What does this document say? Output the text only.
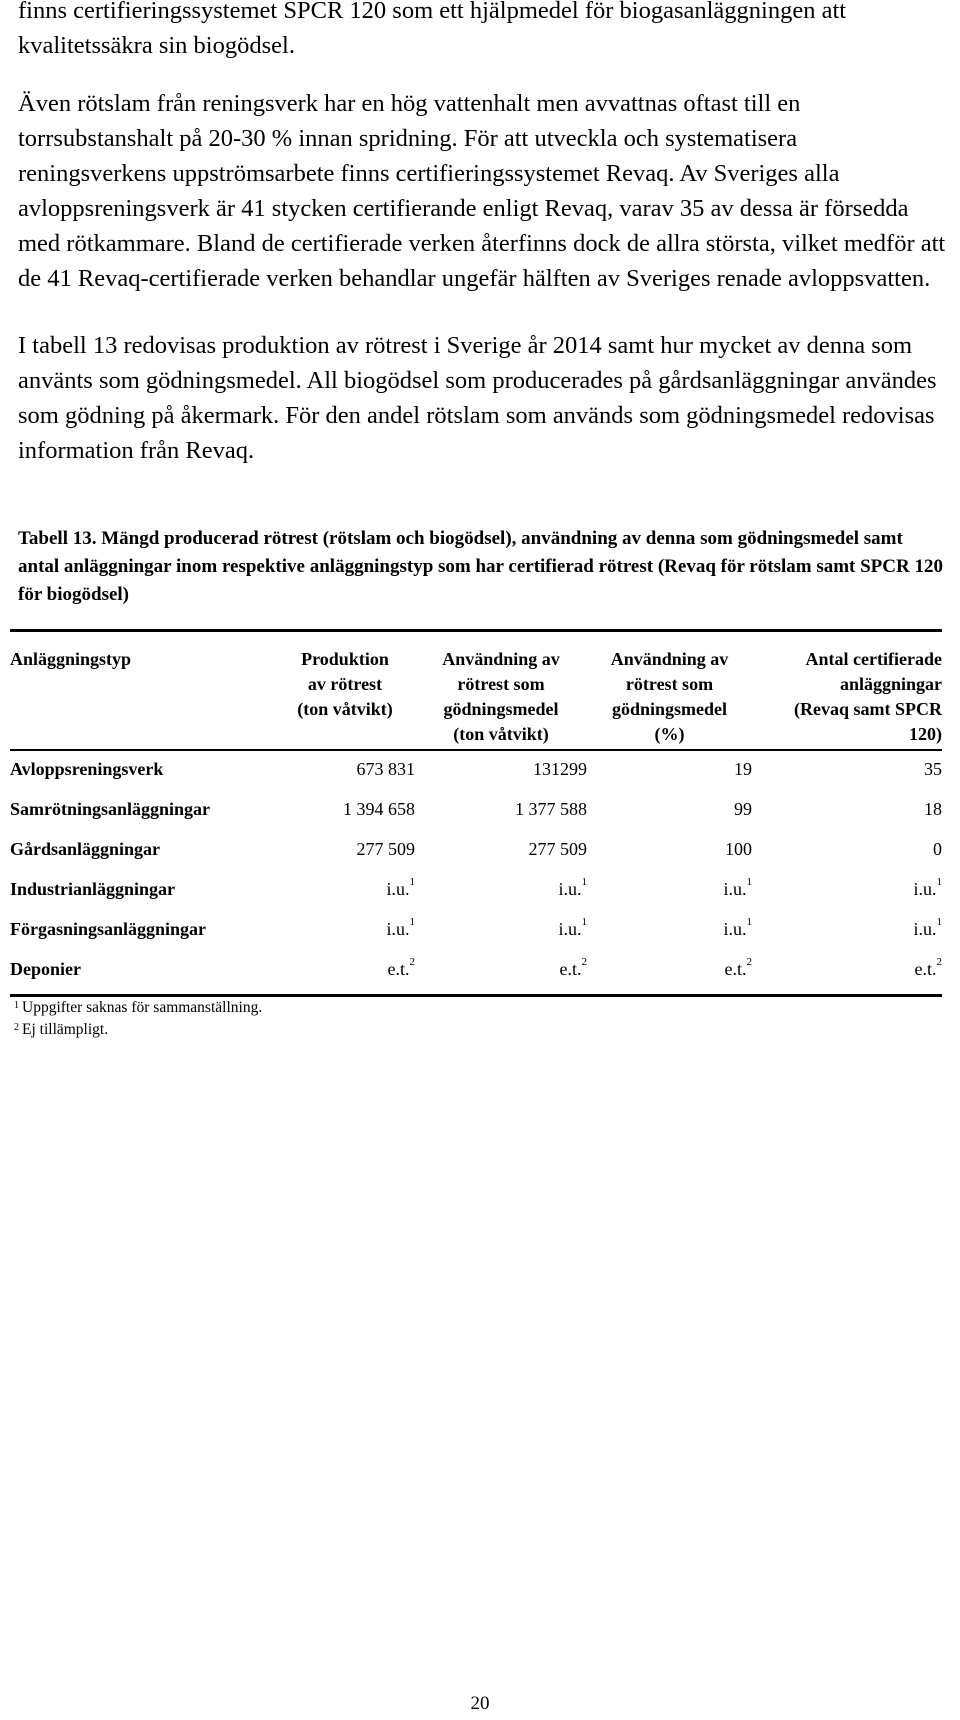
finns certifieringssystemet SPCR 120 som ett hjälpmedel för biogasanläggningen att kvalitetssäkra sin biogödsel.

Även rötslam från reningsverk har en hög vattenhalt men avvattnas oftast till en torrsubstanshalt på 20-30 % innan spridning. För att utveckla och systematisera reningsverkens uppströmsarbete finns certifieringssystemet Revaq. Av Sveriges alla avloppsreningsverk är 41 stycken certifierande enligt Revaq, varav 35 av dessa är försedda med rötkammare. Bland de certifierade verken återfinns dock de allra största, vilket medför att de 41 Revaq-certifierade verken behandlar ungefär hälften av Sveriges renade avloppsvatten.

I tabell 13 redovisas produktion av rötrest i Sverige år 2014 samt hur mycket av denna som använts som gödningsmedel. All biogödsel som producerades på gårdsanläggningar användes som gödning på åkermark. För den andel rötslam som används som gödningsmedel redovisas information från Revaq.

Tabell 13. Mängd producerad rötrest (rötslam och biogödsel), användning av denna som gödningsmedel samt antal anläggningar inom respektive anläggningstyp som har certifierad rötrest (Revaq för rötslam samt SPCR 120 för biogödsel)

Anläggningstyp	Produktion
av rötrest
(ton våtvikt)	Användning av
rötrest som
gödningsmedel
(ton våtvikt)	Användning av
rötrest som
gödningsmedel
(%)	Antal certifierade
anläggningar
(Revaq samt SPCR
120)
Avloppsreningsverk	673 831	131299	19	35
Samrötningsanläggningar	1 394 658	1 377 588	99	18
Gårdsanläggningar	277 509	277 509	100	0
Industrianläggningar	i.u.$^1$	i.u.$^1$	i.u.$^1$	i.u.$^1$
Förgasningsanläggningar	i.u.$^1$	i.u.$^1$	i.u.$^1$	i.u.$^1$
Deponier	e.t.$^2$	e.t.$^2$	e.t.$^2$	e.t.$^2$

$^1$ Uppgifter saknas för sammanställning.

$^2$ Ej tillämpligt.

20
